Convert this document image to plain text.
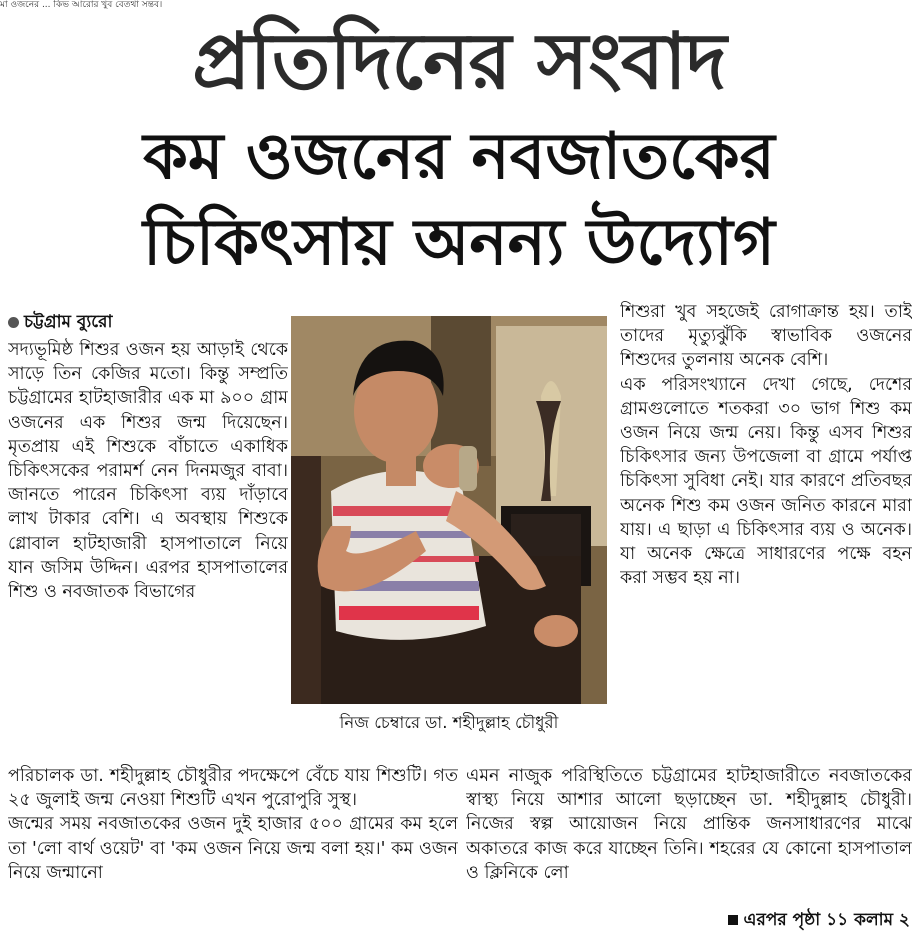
মা ওজনের ... কিভ আরোর খুব বেতথা সন্তব।
প্রতিদিনের সবাদ
কম ওজনের নবজাতকের
চিকিৎসায় অনন্য উদ্যোগ
চট্টগ্রাম ব্যুরো

সদ্যভূমিষ্ঠ শিশুর ওজন হয় আড়াই থেকে সাড়ে তিন কেজির মতো। কিন্তু সম্প্রতি চট্টগ্রামের হাটহাজারীর এক মা ৯০০ গ্রাম ওজনের এক শিশুর জন্ম দিয়েছেন। মৃতপ্রায় এই শিশুকে বাঁচাতে একাধিক চিকিৎসকের পরামর্শ নেন দিনমজুর বাবা। জানতে পারেন চিকিৎসা ব্যয় দাঁড়াবে লাখ টাকার বেশি। এ অবস্থায় শিশুকে গ্লোবাল হাটহাজারী হাসপাতালে নিয়ে যান জসিম উদ্দিন। এরপর হাসপাতালের শিশু ও নবজাতক বিভাগের

নিজ চেম্বারে ডা. শহীদুল্লাহ চৌধুরী

শিশুরা খুব সহজেই রোগাক্রান্ত হয়। তাই তাদের মৃত্যুঝুঁকি স্বাভাবিক ওজনের শিশুদের তুলনায় অনেক বেশি।

এক পরিসংখ্যানে দেখা গেছে, দেশের গ্রামগুলোতে শতকরা ৩০ ভাগ শিশু কম ওজন নিয়ে জন্ম নেয়। কিন্তু এসব শিশুর চিকিৎসার জন্য উপজেলা বা গ্রামে পর্যাপ্ত চিকিৎসা সুবিধা নেই। যার কারণে প্রতিবছর অনেক শিশু কম ওজন জনিত কারনে মারা যায়। এ ছাড়া এ চিকিৎসার ব্যয় ও অনেক। যা অনেক ক্ষেত্রে সাধারণের পক্ষে বহন করা সম্ভব হয় না।

পরিচালক ডা. শহীদুল্লাহ চৌধুরীর পদক্ষেপে বেঁচে যায় শিশুটি। গত ২৫ জুলাই জন্ম নেওয়া শিশুটি এখন পুরোপুরি সুস্থ।

জন্মের সময় নবজাতকের ওজন দুই হাজার ৫০০ গ্রামের কম হলে তা 'লো বার্থ ওয়েট' বা 'কম ওজন নিয়ে জন্ম বলা হয়।' কম ওজন নিয়ে জন্মানো

এমন নাজুক পরিস্থিতিতে চট্টগ্রামের হাটহাজারীতে নবজাতকের স্বাস্থ্য নিয়ে আশার আলো ছড়াচ্ছেন ডা. শহীদুল্লাহ চৌধুরী। নিজের স্বল্প আয়োজন নিয়ে প্রান্তিক জনসাধারণের মাঝে অকাতরে কাজ করে যাচ্ছেন তিনি। শহরের যে কোনো হাসপাতাল ও ক্লিনিকে লো

এরপর পৃষ্ঠা ১১ কলাম ২
